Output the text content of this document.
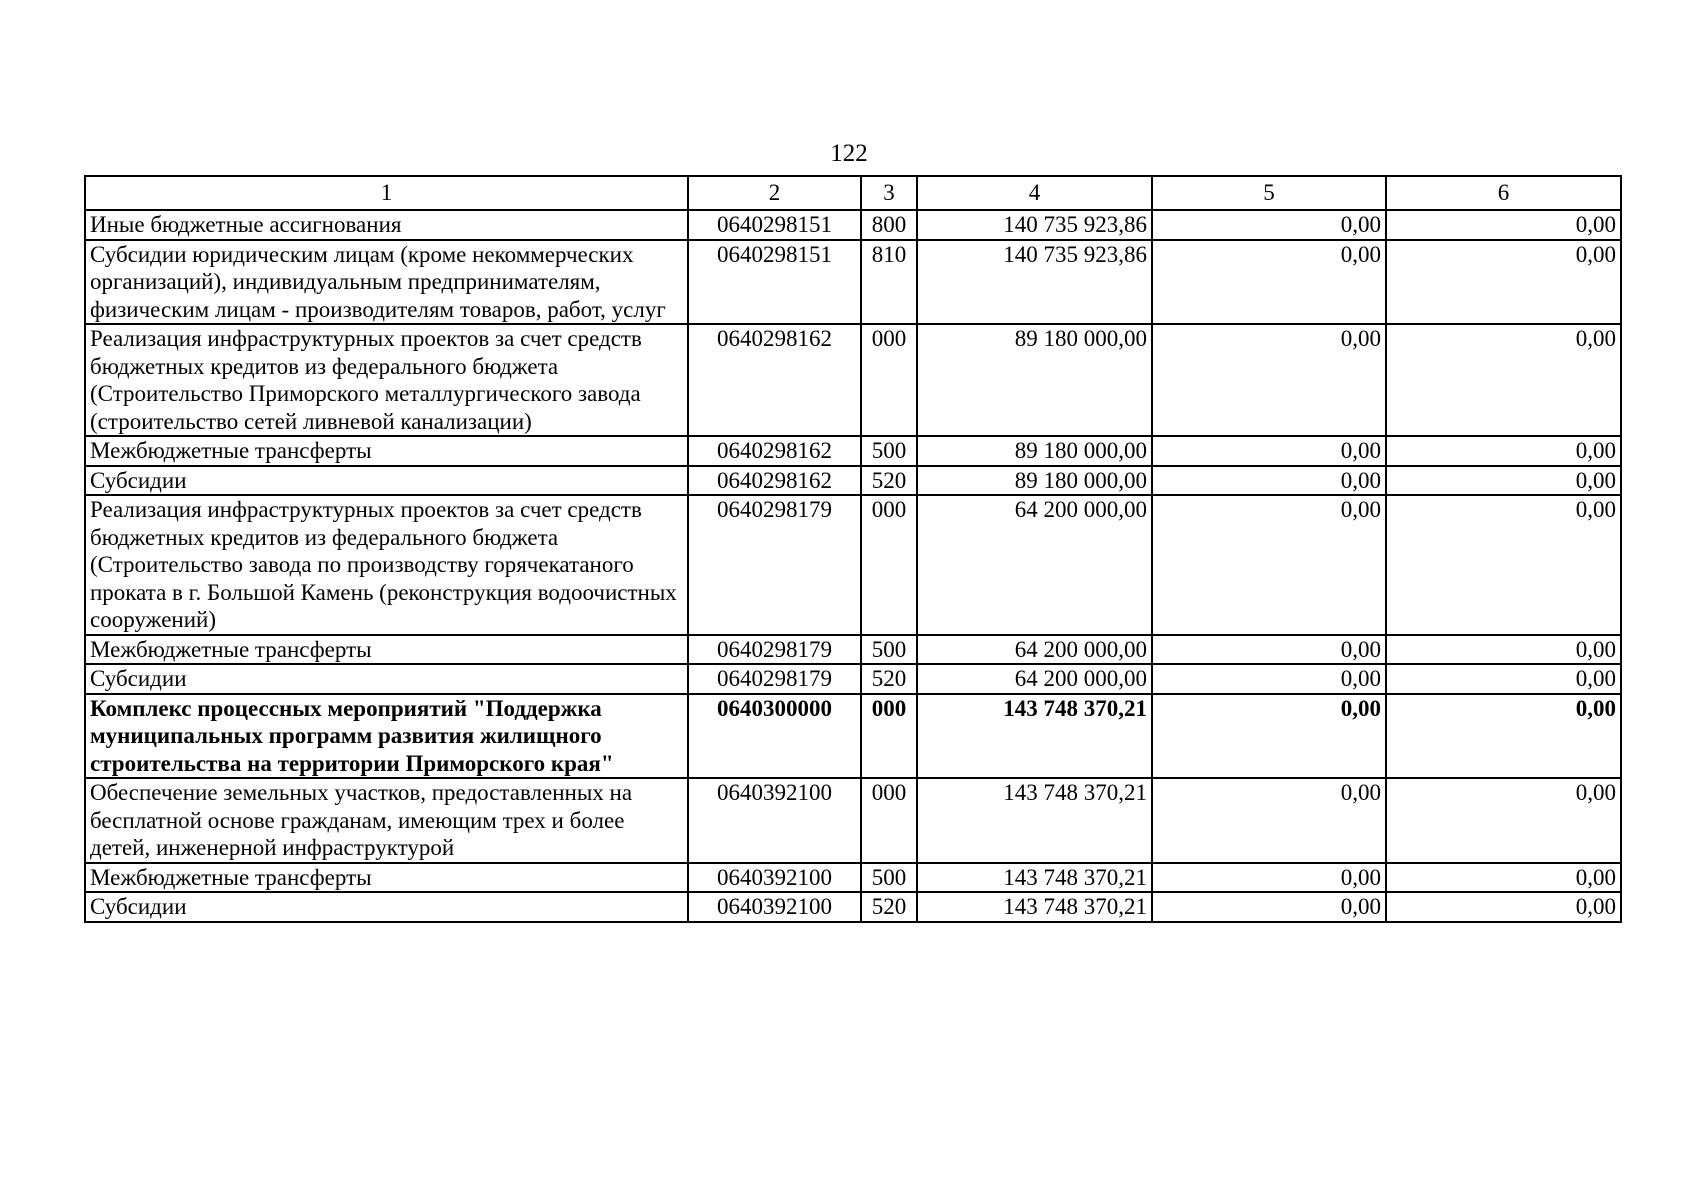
122
1	2	3	4	5	6
Иные бюджетные ассигнования	0640298151	800	140 735 923,86	0,00	0,00
Субсидии юридическим лицам (кроме некоммерческих организаций), индивидуальным предпринимателям, физическим лицам - производителям товаров, работ, услуг	0640298151	810	140 735 923,86	0,00	0,00
Реализация инфраструктурных проектов за счет средств бюджетных кредитов из федерального бюджета (Строительство Приморского металлургического завода (строительство сетей ливневой канализации)	0640298162	000	89 180 000,00	0,00	0,00
Межбюджетные трансферты	0640298162	500	89 180 000,00	0,00	0,00
Субсидии	0640298162	520	89 180 000,00	0,00	0,00
Реализация инфраструктурных проектов за счет средств бюджетных кредитов из федерального бюджета (Строительство завода по производству горячекатаного проката в г. Большой Камень (реконструкция водоочистных сооружений)	0640298179	000	64 200 000,00	0,00	0,00
Межбюджетные трансферты	0640298179	500	64 200 000,00	0,00	0,00
Субсидии	0640298179	520	64 200 000,00	0,00	0,00
Комплекс процессных мероприятий "Поддержка муниципальных программ развития жилищного строительства на территории Приморского края"	0640300000	000	143 748 370,21	0,00	0,00
Обеспечение земельных участков, предоставленных на бесплатной основе гражданам, имеющим трех и более детей, инженерной инфраструктурой	0640392100	000	143 748 370,21	0,00	0,00
Межбюджетные трансферты	0640392100	500	143 748 370,21	0,00	0,00
Субсидии	0640392100	520	143 748 370,21	0,00	0,00
